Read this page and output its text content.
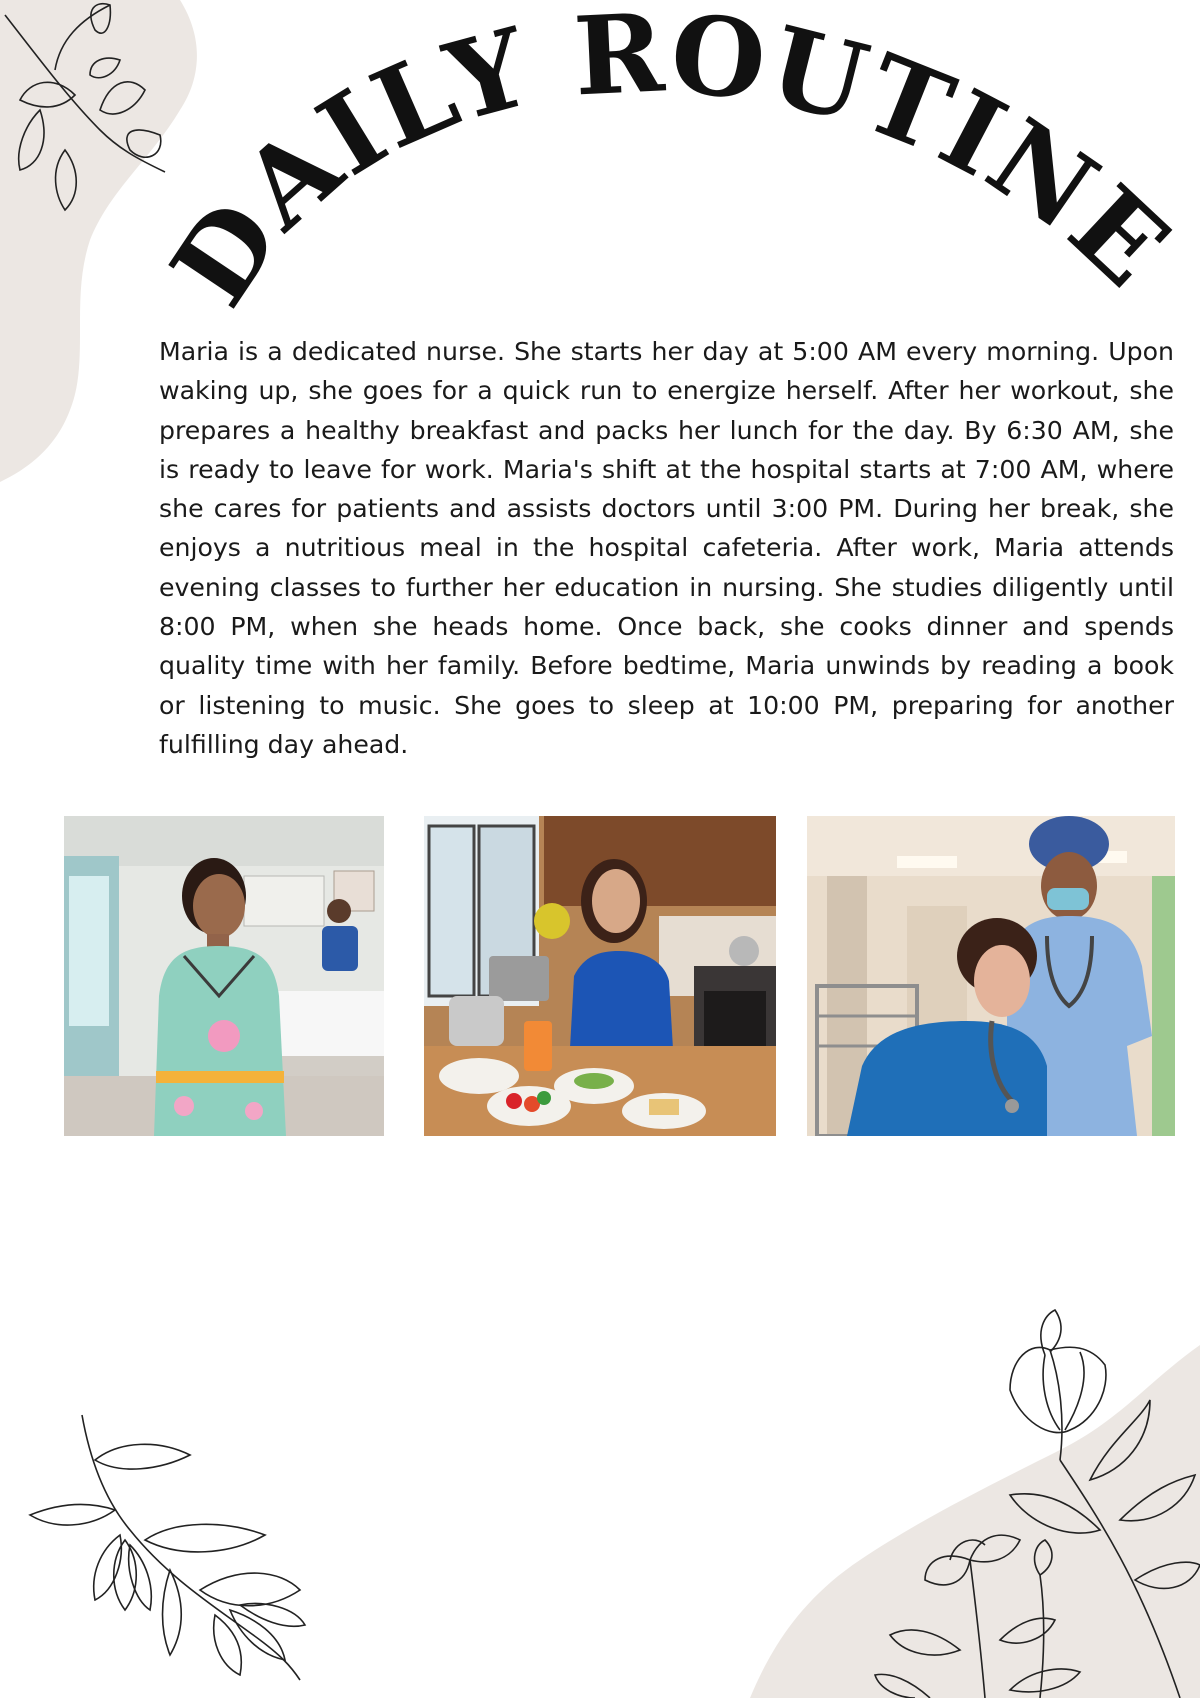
DAILY ROUTINE

Maria is a dedicated nurse. She starts her day at 5:00 AM every morning. Upon waking up, she goes for a quick run to energize herself. After her workout, she prepares a healthy breakfast and packs her lunch for the day. By 6:30 AM, she is ready to leave for work. Maria's shift at the hospital starts at 7:00 AM, where she cares for patients and assists doctors until 3:00 PM. During her break, she enjoys a nutritious meal in the hospital cafeteria. After work, Maria attends evening classes to further her education in nursing. She studies diligently until 8:00 PM, when she heads home. Once back, she cooks dinner and spends quality time with her family. Before bedtime, Maria unwinds by reading a book or listening to music. She goes to sleep at 10:00 PM, preparing for another fulfilling day ahead.
